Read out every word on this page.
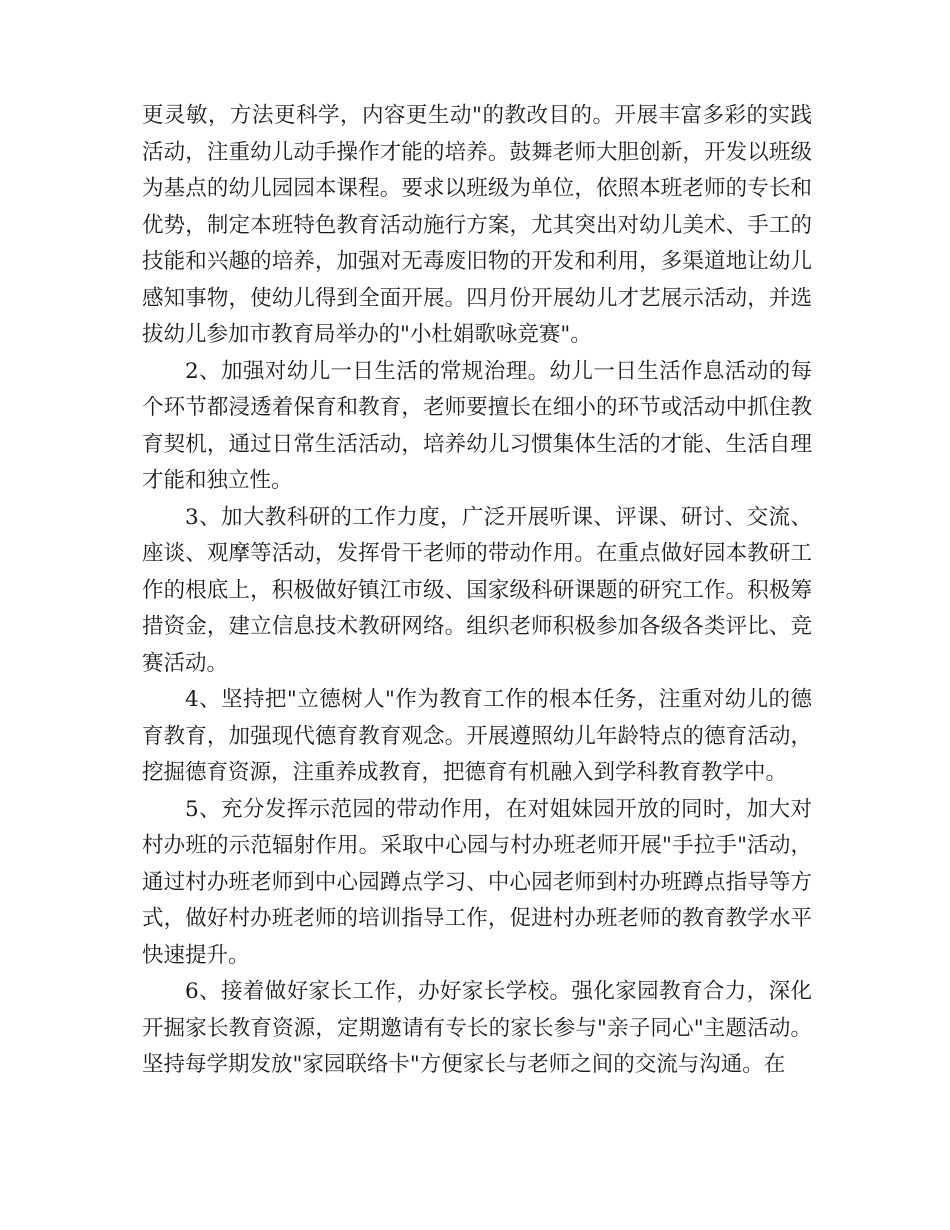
更灵敏，方法更科学，内容更生动"的教改目的。开展丰富多彩的实践活动，注重幼儿动手操作才能的培养。鼓舞老师大胆创新，开发以班级为基点的幼儿园园本课程。要求以班级为单位，依照本班老师的专长和优势，制定本班特色教育活动施行方案，尤其突出对幼儿美术、手工的技能和兴趣的培养，加强对无毒废旧物的开发和利用，多渠道地让幼儿感知事物，使幼儿得到全面开展。四月份开展幼儿才艺展示活动，并选拔幼儿参加市教育局举办的"小杜娟歌咏竞赛"。

2、加强对幼儿一日生活的常规治理。幼儿一日生活作息活动的每个环节都浸透着保育和教育，老师要擅长在细小的环节或活动中抓住教育契机，通过日常生活活动，培养幼儿习惯集体生活的才能、生活自理才能和独立性。

3、加大教科研的工作力度，广泛开展听课、评课、研讨、交流、座谈、观摩等活动，发挥骨干老师的带动作用。在重点做好园本教研工作的根底上，积极做好镇江市级、国家级科研课题的研究工作。积极筹措资金，建立信息技术教研网络。组织老师积极参加各级各类评比、竞赛活动。

4、坚持把"立德树人"作为教育工作的根本任务，注重对幼儿的德育教育，加强现代德育教育观念。开展遵照幼儿年龄特点的德育活动，挖掘德育资源，注重养成教育，把德育有机融入到学科教育教学中。

5、充分发挥示范园的带动作用，在对姐妹园开放的同时，加大对村办班的示范辐射作用。采取中心园与村办班老师开展"手拉手"活动，通过村办班老师到中心园蹲点学习、中心园老师到村办班蹲点指导等方式，做好村办班老师的培训指导工作，促进村办班老师的教育教学水平快速提升。

6、接着做好家长工作，办好家长学校。强化家园教育合力，深化开掘家长教育资源，定期邀请有专长的家长参与"亲子同心"主题活动。坚持每学期发放"家园联络卡"方便家长与老师之间的交流与沟通。在
